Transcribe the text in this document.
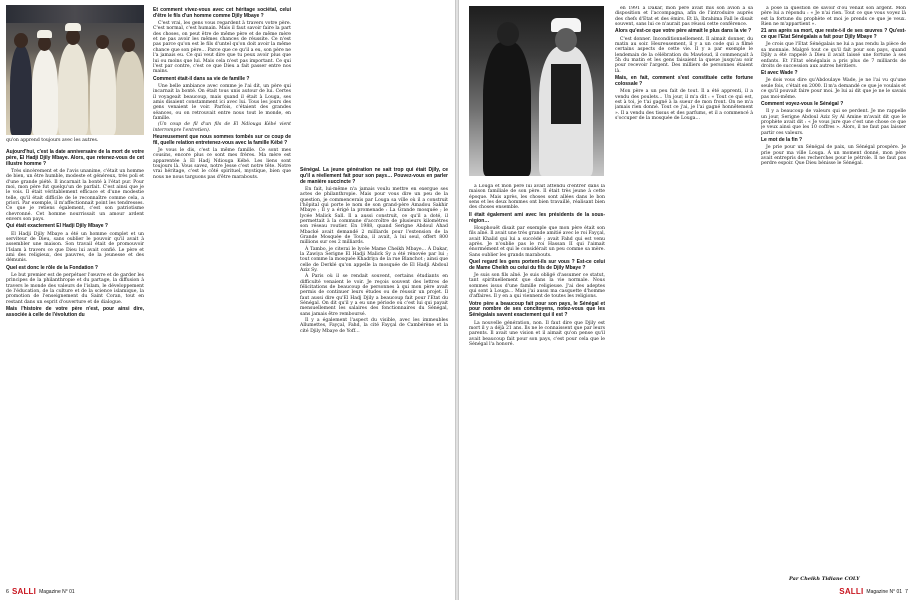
qu'on apprend toujours avec les autres.
Aujourd'hui, c'est la date anniversaire de la mort de votre père, El Hadji Djily Mbaye. Alors, que retenez-vous de cet illustre homme ?

Très sincèrement et de l'avis unanime, c'était un homme de bien, un être humble, modeste et généreux, très poli et d'une grande piété. Il incarnait la bonté à l'état pur. Pour moi, mon père fut quelqu'un de parfait. C'est ainsi que je le vois. Il était véritablement efficace et d'une modestie telle, qu'il était difficile de le reconnaître comme cela, a priori. Par exemple, il m'affectionnait point les tendresses. Ce que je retiens également, c'est son patriotisme chevronné. Cet homme nourrissait un amour ardent envers son pays.

Qui était exactement El Hadji Djily Mbaye ?

El Hadji Djily Mbaye a été un homme complet et un serviteur de Dieu, sans oublier le pouvoir qu'il avait à assembler une maison. Son travail était de promouvoir l'Islam à travers ce que Dieu lui avait confié. Le père et ami des religieux, des pauvres, de la jeunesse et des démunis.

Quel est donc le rôle de la Fondation ?

Le but premier est de perpétuer l'œuvre et de garder les principes de la philanthropie et du partage, la diffusion à travers le monde des valeurs de l'islam, le développement de l'éducation, de la culture et de la science islamique, la promotion de l'enseignement du Saint Coran, tout en restant dans un esprit d'ouverture et de dialogue.

Mais l'histoire de votre père n'est, pour ainsi dire, associée à celle de l'évolution du
Et comment vivez-vous avec cet héritage sociétal, celui d'être le fils d'un homme comme Djily Mbaye ?

C'est vrai, les gens vous regardent à travers votre père. C'est normal, c'est humain. Mais il faut savoir faire la part des choses, on peut être de même père et de même mère et ne pas avoir les mêmes chances de réussite. Ce n'est pas parce qu'on est le fils d'untel qu'on doit avoir la même chance que son père… Parce que ce qu'il a eu, son père ne l'a jamais eu. Ce qui veut dire que tu peux avoir plus que lui ou moins que lui. Mais cela n'est pas important. Ce qui l'est par contre, c'est ce que Dieu a fait passer entre nos mains.

Comment était-il dans sa vie de famille ?

Une belle ambiance avec comme je l'ai dit, un père qui incarnait la bonté. On était tous unis autour de lui. Certes il voyageait beaucoup, mais quand il était à Louga, ses amis disaient constamment ici avec lui. Tous les jours des gens venaient le voir. Parfois, c'étaient des grandes séances, ou on retrouvait entre nous tout le monde, en famille.

(Un coup de fil d'un fils de El Ndiouga Kébé vient interrompre l'entretien).

Heureusement que nous sommes tombés sur ce coup de fil, quelle relation entretenez-vous avec la famille Kébé ?

Je vous le dis, c'est la même famille. Ce sont mes cousins, encore plus ce sont mes frères. Ma mère est apparentée à El Hadj Ndiouga Kébé. Les liens sont toujours là. Vous savez, notre Jesse c'est notre tête. Notre vrai héritage, c'est le côté spirituel, mystique, bien que nous ne nous targuons pas d'être marabouts.

Sénégal. La jeune génération ne sait trop qui était Djily, ce qu'il a réellement fait pour son pays… Pouvez-vous en parler de manière succincte ?

En fait, lui-même n'a jamais voulu mettre en exergue ses actes de philanthropie. Mais pour vous dire un peu de la question, je commencerais par Louga sa ville où il a construit l'hôpital qui porte le nom de son grand-père Amadou Sakhir Mbaye ; Il y a érigé la promenade : La Grande mosquée ; le lycée Malick Sall. Il a aussi construit, ce qu'il a doté, il permettait à la commune d'accroître de plusieurs kilomètres son réseau routier. En 1988, quand Serigne Abdoul Ahad Mbacké avait demandé 2 milliards pour l'extension de la Grande Mosquée de Touba, il avait, à lui seul, offert 800 millions sur ces 2 milliards.

À Tambo, je citerai le lycée Mame Cheikh Mbaye... À Dakar, la Zawiya Serigne El Hadji Malick Sy a été rénovée par lui ; tout comme la mosquée Khadriya de la rue Blanchot ; ainsi que celle de Derklé qu'on appelle la mosquée de El Hadji Abdoul Aziz Sy.

À Paris où il se rendait souvent, certains étudiants en difficulté venaient le voir. Je reçois souvent des lettres de félicitations de beaucoup de personnes à qui mon père avait permis de continuer leurs études ou de réussir un projet. Il faut aussi dire qu'El Hadj Djily a beaucoup fait pour l'Etat du Sénégal. On dit qu'il y a eu une période où c'est lui qui payait mensuellement les salaires des fonctionnaires du Sénégal, sans jamais être remboursé.

Il y a également l'aspect du visible, avec les immeubles Allumettes, Fayçal, Fahd, la cité Fayçal de Cambérène et la cité Djily Mbaye de Yoff…

6 SALLI Magazine N° 01

à Louga et mon père lui avait attendu d'entrer dans la maison familiale de son père. Il était très jeune à cette époque. Mais après, les choses sont allées dans le bon sens et les deux hommes ont bien travaillé, réalisant bien des choses ensemble.

Il était également ami avec les présidents de la sous-région…

Houphouët disait par exemple que mon père était son fils aîné. Il avait une très grande amitié avec le roi Fayçal, avait Khalid qui lui a succédé ; avait Fahd qui est venu après. Je n'oublie pas le roi Hassan II qui l'aimait énormément et qui le considérait un peu comme sa mère. Sans oublier les grands marabouts.

Quel regard les gens portent-ils sur vous ? Est-ce celui de Mame Cheikh ou celui du fils de Djily Mbaye ?

Je suis son fils aîné. Je suis obligé d'assumer ce statut, tant spirituellement que dans la vie normale. Nous sommes issus d'une famille religieuse. J'ai des adeptes qui sont à Louga… Mais j'ai aussi ma casquette d'homme d'affaires. Il y en a qui viennent de toutes les religions.

Votre père a beaucoup fait pour son pays, le Sénégal et pour nombre de ses concitoyens, notez-vous que les Sénégalais savent exactement qui il est ?

La nouvelle génération, non. Il faut dire que Djily est mort il y a déjà 21 ans. Ils ne le connaissent que par leurs parents. Il avait une vision et il aimait qu'on pense qu'il avait beaucoup fait pour son pays, c'est pour cela que le Sénégal l'a honoré.

en 1991 à Dakar, mon père avait mis son avion à sa disposition et l'accompagna, afin de l'introduire auprès des chefs d'Etat et des émirs. Et là, Ibrahima Fall le disait souvent, sans lui ce n'aurait pas réussi cette conférence.

Alors qu'est-ce que votre père aimait le plus dans la vie ?

C'est donner. Inconditionnellement. Il aimait donner, du matin au soir. Heureusement, il y a un code qui a filmé certains aspects de cette vie. Il y a par exemple le lendemain de la célébration du Mawloud, il commençait à 5h du matin et les gens faisaient la queue jusqu'au soir pour recevoir l'argent. Des milliers de personnes étaient là.

Mais, en fait, comment s'est constituée cette fortune colossale ?

Mon père a un peu fait de tout. Il a été apprenti, il a vendu des poulets… Un jour, il m'a dit : « Tout ce qui est, est à toi, je t'ai gagné à la sueur de mon front. On ne m'a jamais rien donné. Tout ce j'ai, je l'ai gagné honnêtement ». Il a vendu des tissus et des parfums, et il a commencé à s'occuper de la mosquée de Louga…

à posé la question de savoir d'où venait son argent. Mon père lui a répondu : « Je n'ai rien. Tout ce que vous voyez là est la fortune du prophète et moi je prends ce que je veux. Rien ne m'appartient ».

21 ans après sa mort, que reste-t-il de ses œuvres ? Qu'est-ce que l'Etat Sénégalais a fait pour Djily Mbaye ?

Je crois que l'Etat Sénégalais ne lui a pas rendu la pièce de sa monnaie. Malgré tout ce qu'il fait pour son pays, quand Djily a été rappelé à Dieu il avait laissé une fortune à ses enfants. Et l'Etat sénégalais a pris plus de 7 milliards de droits de succession aux autres héritiers.

Et avec Wade ?

Je dois vous dire qu'Abdoulaye Wade, je ne l'ai vu qu'une seule fois, c'était en 2000. Il m'a demandé ce que je voulais et ce qu'il pouvait faire pour moi. Je lui ai dit que je ne le savais pas moi-même.

Comment voyez-vous le Sénégal ?

Il y a beaucoup de valeurs qui se perdent. Je me rappelle un jour, Serigne Abdoul Aziz Sy Al Amine m'avait dit que le prophète avait dit : « Je vous jure que c'est une chose ce que je veux ainsi que les 10 coffres ». Alors, il ne faut pas laisser partir ces valeurs.

Le mot de la fin ?

Je prie pour un Sénégal de paix, un Sénégal prospère. Je prie pour ma ville Louga. À un moment donné, mon père avait entrepris des recherches pour le pétrole. Il ne faut pas perdre espoir. Que Dieu bénisse le Sénégal.

Par Cheikh Tidiane COLY
SALLI Magazine N° 01 7
